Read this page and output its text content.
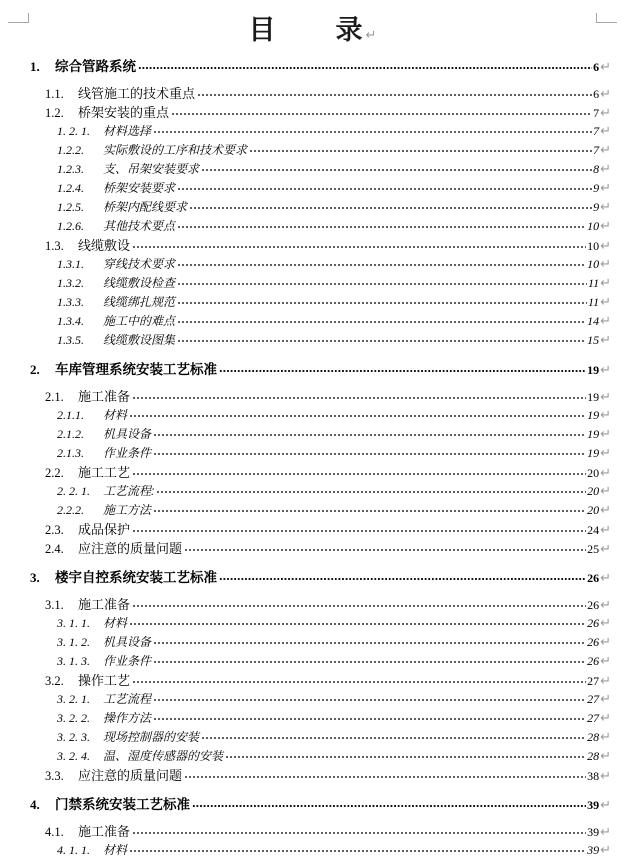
目　　录↵
1.	综合管路系统	6 ↵
1.1.	线管施工的技术重点	6 ↵
1.2.	桥架安装的重点	7 ↵
1. 2. 1.	材料选择	7 ↵
1.2.2.	实际敷设的工序和技术要求	7 ↵
1.2.3.	支、吊架安装要求	8 ↵
1.2.4.	桥架安装要求	9 ↵
1.2.5.	桥架内配线要求	9 ↵
1.2.6.	其他技术要点	10 ↵
1.3.	线缆敷设	10 ↵
1.3.1.	穿线技术要求	10 ↵
1.3.2.	线缆敷设检查	11 ↵
1.3.3.	线缆绑扎规范	11 ↵
1.3.4.	施工中的难点	14 ↵
1.3.5.	线缆敷设图集	15 ↵
2.	车库管理系统安装工艺标准	19 ↵
2.1.	施工准备	19 ↵
2.1.1.	材料	19 ↵
2.1.2.	机具设备	19 ↵
2.1.3.	作业条件	19 ↵
2.2.	施工工艺	20 ↵
2. 2. 1.	工艺流程:	20 ↵
2.2.2.	施工方法	20 ↵
2.3.	成品保护	24 ↵
2.4.	应注意的质量问题	25 ↵
3.	楼宇自控系统安装工艺标准	26 ↵
3.1.	施工准备	26 ↵
3. 1. 1.	材料	26 ↵
3. 1. 2.	机具设备	26 ↵
3. 1. 3.	作业条件	26 ↵
3.2.	操作工艺	27 ↵
3. 2. 1.	工艺流程	27 ↵
3. 2. 2.	操作方法	27 ↵
3. 2. 3.	现场控制器的安装	28 ↵
3. 2. 4.	温、湿度传感器的安装	28 ↵
3.3.	应注意的质量问题	38 ↵
4.	门禁系统安装工艺标准	39 ↵
4.1.	施工准备	39 ↵
4. 1. 1.	材料	39 ↵
